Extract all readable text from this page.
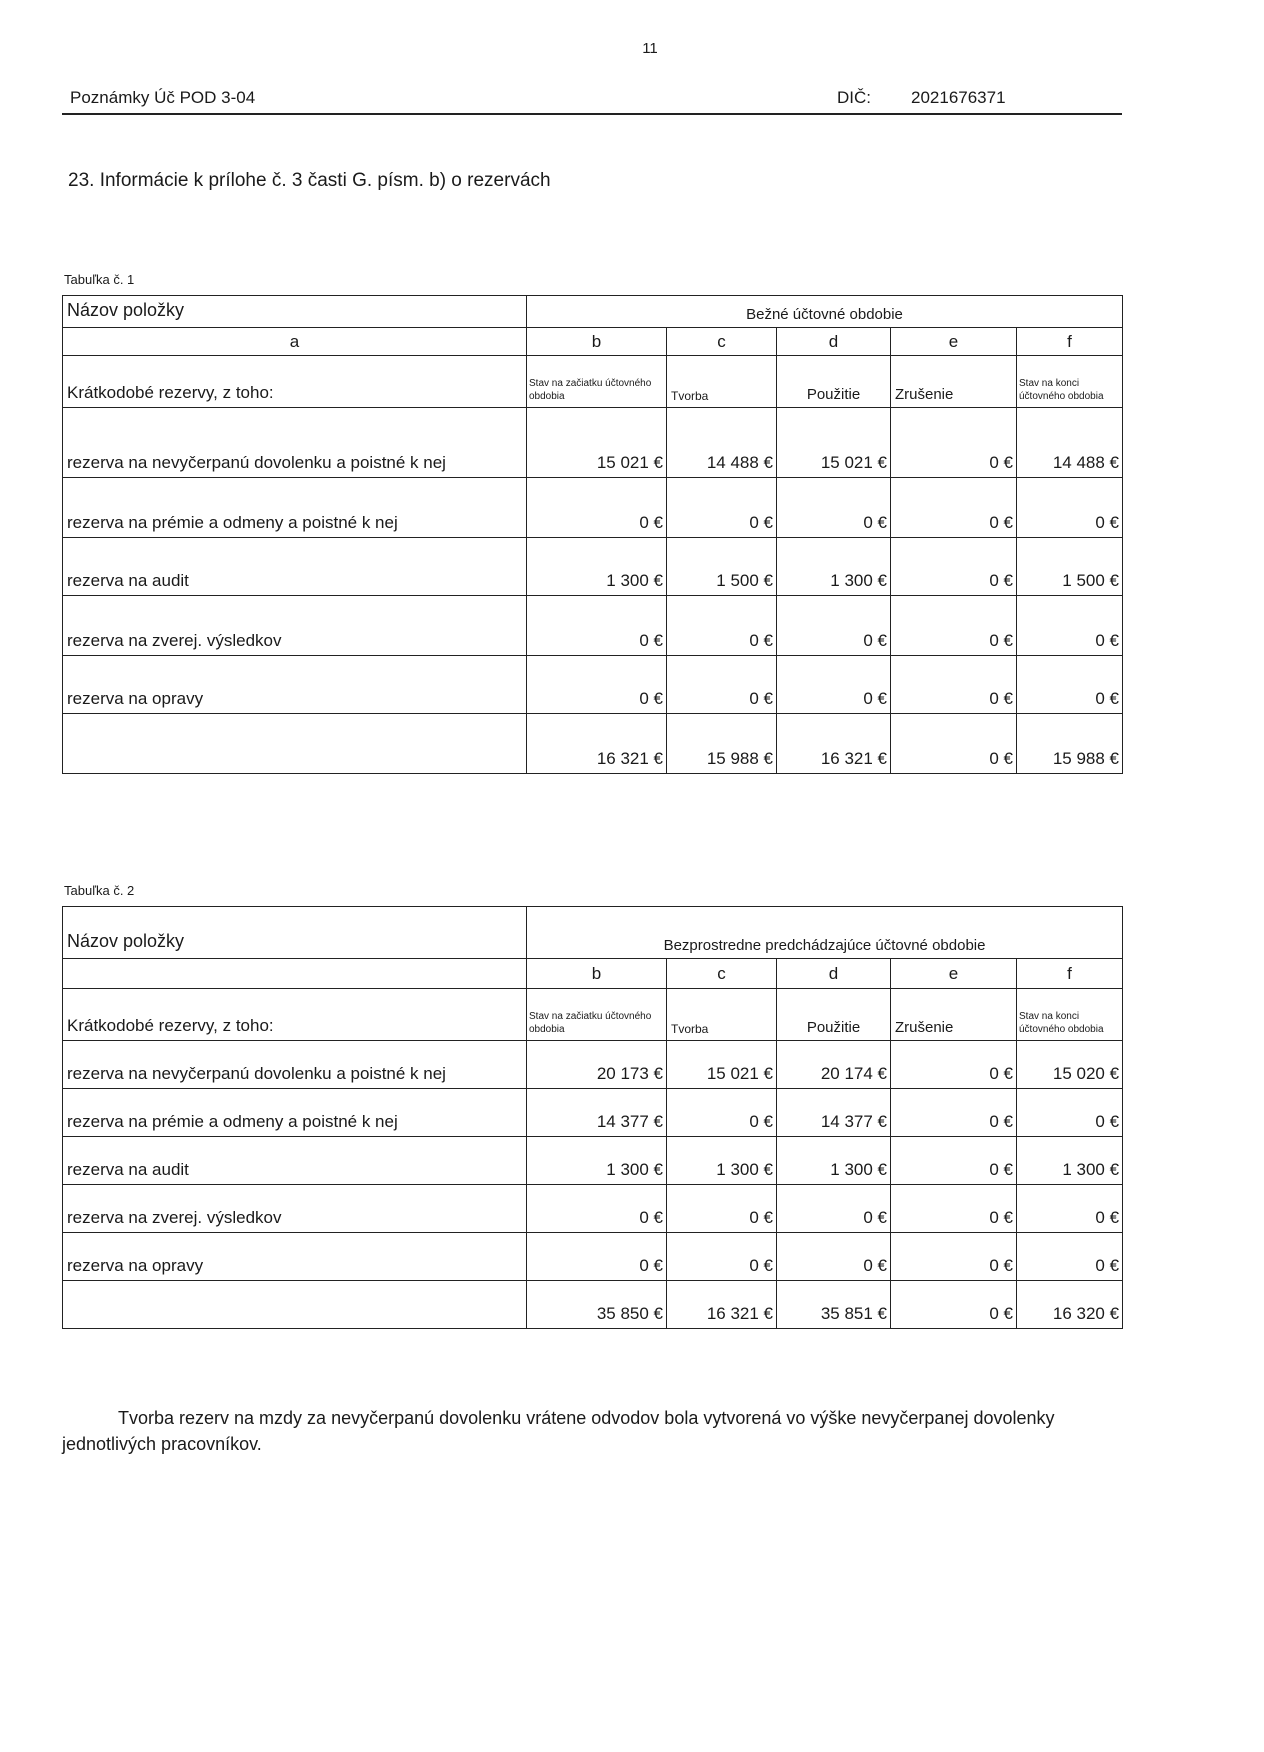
11
Poznámky Úč POD 3-04	DIČ: 2021676371
23. Informácie k prílohe č. 3 časti G. písm. b) o rezervách
Tabuľka č. 1
Názov položky	Bežné účtovné obdobie				
a	b	c	d	e	f
Krátkodobé rezervy, z toho:	Stav na začiatku účtovného obdobia	Tvorba	Použitie	Zrušenie	Stav na konci účtovného obdobia
rezerva na nevyčerpanú dovolenku a poistné k nej	15 021 €	14 488 €	15 021 €	0 €	14 488 €
rezerva na prémie a odmeny a poistné k nej	0 €	0 €	0 €	0 €	0 €
rezerva na audit	1 300 €	1 500 €	1 300 €	0 €	1 500 €
rezerva na zverej. výsledkov	0 €	0 €	0 €	0 €	0 €
rezerva na opravy	0 €	0 €	0 €	0 €	0 €
	16 321 €	15 988 €	16 321 €	0 €	15 988 €
Tabuľka č. 2
Názov položky	Bezprostredne predchádzajúce účtovné obdobie				
	b	c	d	e	f
Krátkodobé rezervy, z toho:	Stav na začiatku účtovného obdobia	Tvorba	Použitie	Zrušenie	Stav na konci účtovného obdobia
rezerva na nevyčerpanú dovolenku a poistné k nej	20 173 €	15 021 €	20 174 €	0 €	15 020 €
rezerva na prémie a odmeny a poistné k nej	14 377 €	0 €	14 377 €	0 €	0 €
rezerva na audit	1 300 €	1 300 €	1 300 €	0 €	1 300 €
rezerva na zverej. výsledkov	0 €	0 €	0 €	0 €	0 €
rezerva na opravy	0 €	0 €	0 €	0 €	0 €
	35 850 €	16 321 €	35 851 €	0 €	16 320 €
Tvorba rezerv na mzdy za nevyčerpanú dovolenku vrátene odvodov bola vytvorená vo výške nevyčerpanej dovolenky jednotlivých pracovníkov.
